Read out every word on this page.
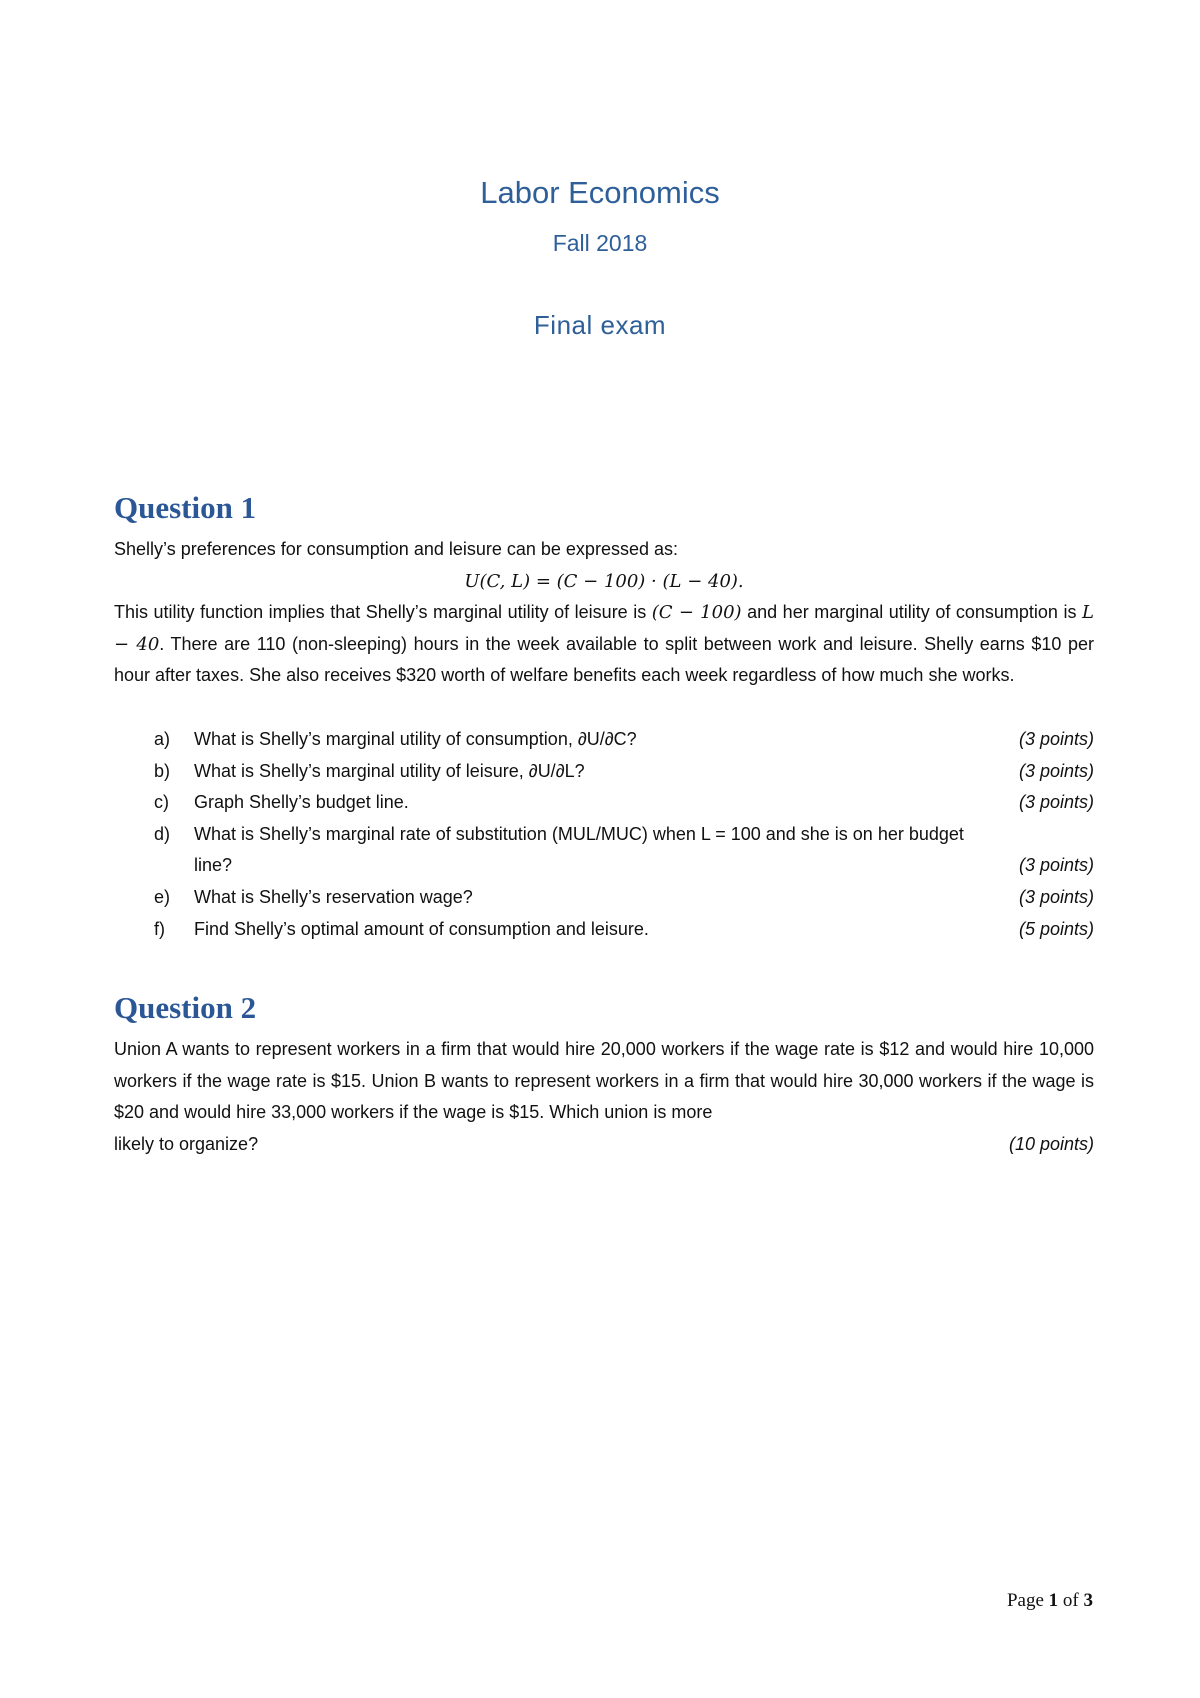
Labor Economics
Fall 2018
Final exam
Question 1
Shelly’s preferences for consumption and leisure can be expressed as:
U(C, L) = (C − 100) · (L − 40).
This utility function implies that Shelly’s marginal utility of leisure is (C − 100) and her marginal utility of consumption is L − 40. There are 110 (non-sleeping) hours in the week available to split between work and leisure. Shelly earns $10 per hour after taxes. She also receives $320 worth of welfare benefits each week regardless of how much she works.
a)	What is Shelly’s marginal utility of consumption, ∂U/∂C?	(3 points)
b)	What is Shelly’s marginal utility of leisure, ∂U/∂L?	(3 points)
c)	Graph Shelly’s budget line.	(3 points)
d)	What is Shelly’s marginal rate of substitution (MUL/MUC) when L = 100 and she is on her budget
line?	(3 points)
e)	What is Shelly’s reservation wage?	(3 points)
f)	Find Shelly’s optimal amount of consumption and leisure.	(5 points)
Question 2
Union A wants to represent workers in a firm that would hire 20,000 workers if the wage rate is $12 and would hire 10,000 workers if the wage rate is $15. Union B wants to represent workers in a firm that would hire 30,000 workers if the wage is $20 and would hire 33,000 workers if the wage is $15. Which union is more
likely to organize?	(10 points)
Page 1 of 3
